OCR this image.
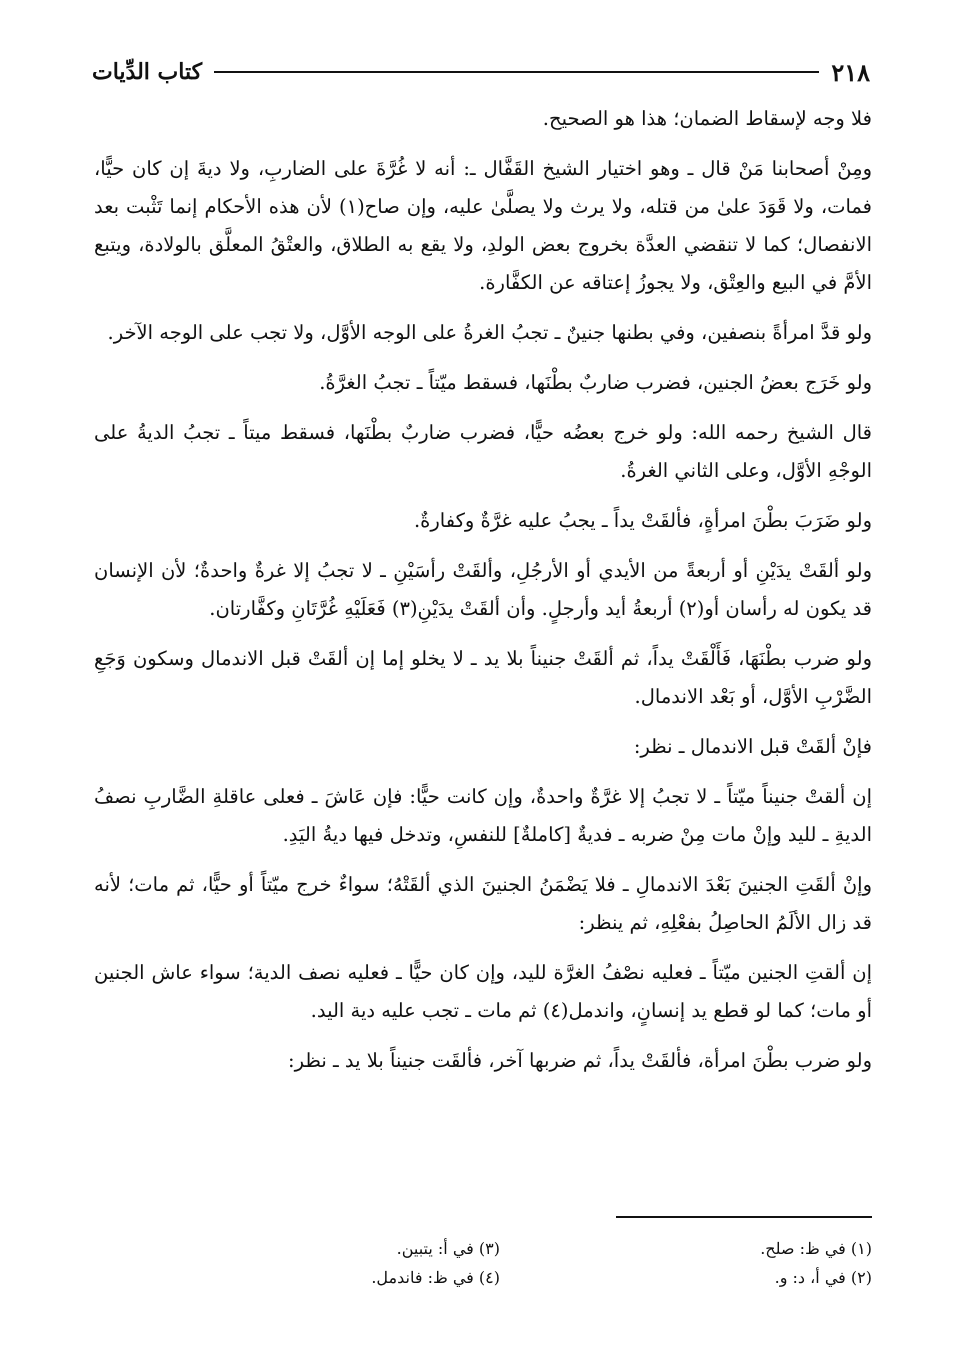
٢١٨
كتاب الدِّيات

فلا وجه لإسقاط الضمان؛ هذا هو الصحيح.

ومِنْ أصحابنا مَنْ قال ـ وهو اختيار الشيخ القَفَّال ـ: أنه لا غُرَّةَ على الضاربِ، ولا ديةَ إن كان حيًّا، فمات، ولا قَوَدَ علىٰ من قتله، ولا يرث ولا يصلَّىٰ عليه، وإن صاح(١) لأن هذه الأحكام إنما تَثْبت بعد الانفصال؛ كما لا تنقضي العدَّة بخروج بعض الولدِ، ولا يقع به الطلاق، والعتْقُ المعلَّق بالولادة، ويتبع الأمَّ في البيع والعِتْق، ولا يجوزُ إعتاقه عن الكفَّارة.

ولو قدَّ امرأةً بنصفين، وفي بطنها جنينٌ ـ تجبُ الغرةُ على الوجه الأوَّل، ولا تجب على الوجه الآخر.

ولو خَرَج بعضُ الجنين، فضرب ضاربٌ بطْنَها، فسقط ميّتاً ـ تجبُ الغرَّةُ.

قال الشيخ رحمه الله: ولو خرج بعضُه حيًّا، فضرب ضاربٌ بطْنَها، فسقط ميتاً ـ تجبُ الديةُ على الوجْهِ الأوَّل، وعلى الثاني الغرةُ.

ولو ضَرَبَ بطْنَ امرأةٍ، فألقَتْ يداً ـ يجبُ عليه غرَّةٌ وكفارةٌ.

ولو ألقَتْ يدَيْنِ أو أربعةً من الأيدي أو الأرجُلِ، وألقَتْ رأسَيْنِ ـ لا تجبُ إلا غرةٌ واحدةٌ؛ لأن الإنسان قد يكون له رأسان أو(٢) أربعةُ أيد وأرجلٍ. وأن ألقَتْ يدَيْنِ(٣) فَعَلَيْهِ غُرَّتَانِ وكفَّارتان.

ولو ضرب بطْنَهَا، فَأَلْقَتْ يداً، ثم ألقَتْ جنيناً بلا يد ـ لا يخلو إما إن ألقَتْ قبل الاندمال وسكون وَجَعِ الضَّرْبِ الأوَّل، أو بَعْد الاندمال.

فإنْ ألقَتْ قبل الاندمال ـ نظر:

إن ألقتْ جنيناً ميّتاً ـ لا تجبُ إلا غرَّةٌ واحدةٌ، وإن كانت حيًّا: فإن عَاشَ ـ فعلى عاقلةِ الضَّاربِ نصفُ الديةِ ـ لليد وإنْ مات مِنْ ضربه ـ فديةٌ [كاملةٌ] للنفسِ، وتدخل فيها ديةُ اليَدِ.

وإنْ ألقَتِ الجنينَ بَعْدَ الاندمالِ ـ فلا يَضْمَنُ الجنينَ الذي ألقَتْهُ؛ سواءٌ خرج ميّتاً أو حيًّا، ثم مات؛ لأنه قد زال الألَمُ الحاصِلُ بفعْلِهِ، ثم ينظر:

إن ألقتِ الجنين ميّتاً ـ فعليه نصْفُ الغرَّة لليد، وإن كان حيًّا ـ فعليه نصف الدية؛ سواء عاش الجنين أو مات؛ كما لو قطع يد إنسانٍ، واندمل(٤) ثم مات ـ تجب عليه دية اليد.

ولو ضرب بطْنَ امرأة، فألقَتْ يداً، ثم ضربها آخر، فألقَت جنيناً بلا يد ـ نظر:

(١) في ظ: صلح.
(٢) في أ، د: و.
(٣) في أ: يتبين.
(٤) في ظ: فاندمل.
